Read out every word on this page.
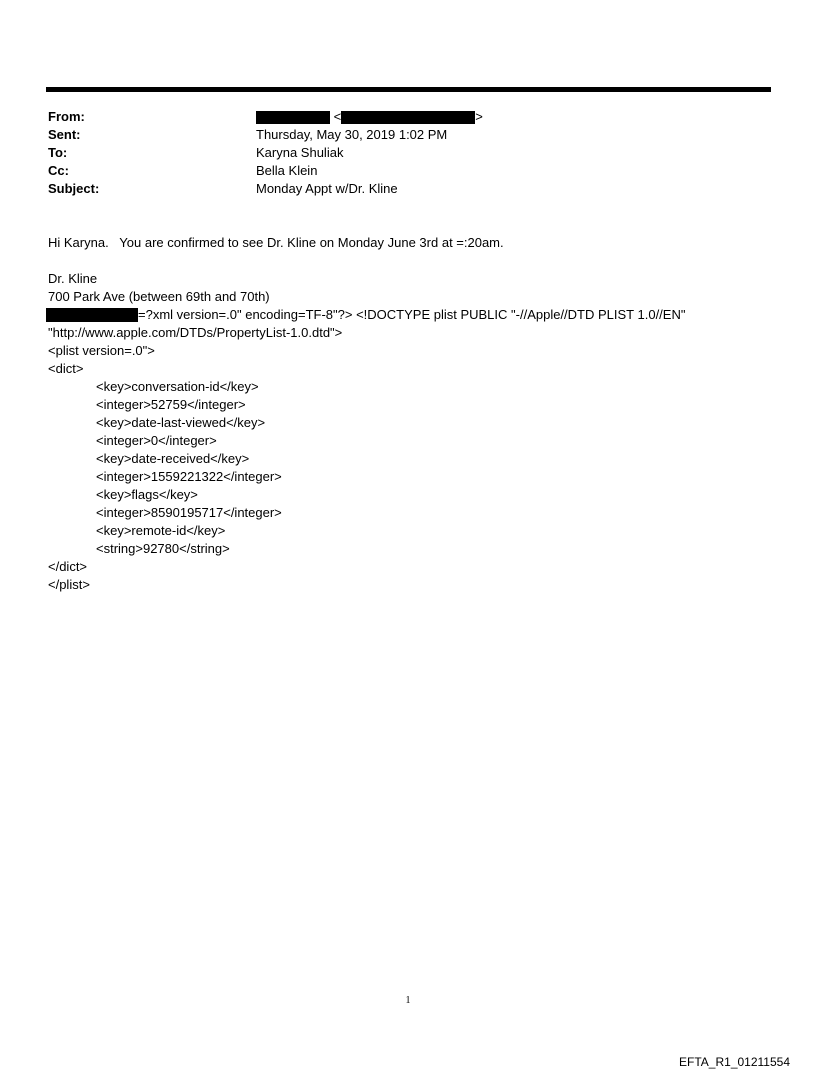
From:	<	>
Sent:	Thursday, May 30, 2019 1:02 PM
To:	Karyna Shuliak
Cc:	Bella Klein
Subject:	Monday Appt w/Dr. Kline
Hi Karyna.   You are confirmed to see Dr. Kline on Monday June 3rd at =:20am.
Dr. Kline
700 Park Ave (between 69th and 70th)
=?xml version=.0" encoding=TF-8"?> <!DOCTYPE plist PUBLIC "-//Apple//DTD PLIST 1.0//EN"
"http://www.apple.com/DTDs/PropertyList-1.0.dtd">
<plist version=.0">
<dict>
<key>conversation-id</key>
<integer>52759</integer>
<key>date-last-viewed</key>
<integer>0</integer>
<key>date-received</key>
<integer>1559221322</integer>
<key>flags</key>
<integer>8590195717</integer>
<key>remote-id</key>
<string>92780</string>
</dict>
</plist>
1
EFTA_R1_01211554
